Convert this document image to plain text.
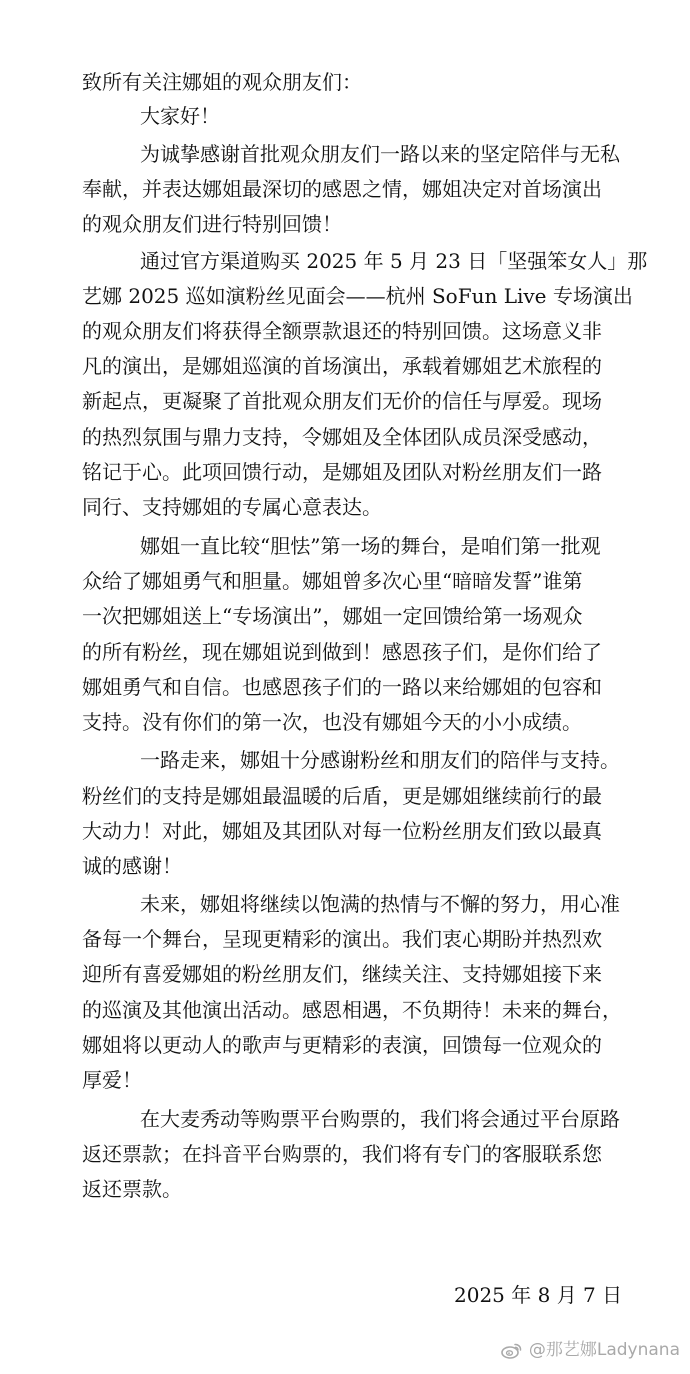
致所有关注娜姐的观众朋友们：
大家好！
为诚挚感谢首批观众朋友们一路以来的坚定陪伴与无私
奉献，并表达娜姐最深切的感恩之情，娜姐决定对首场演出
的观众朋友们进行特别回馈！
通过官方渠道购买 2025 年 5 月 23 日「坚强笨女人」那
艺娜 2025 巡如演粉丝见面会——杭州 SoFun Live 专场演出
的观众朋友们将获得全额票款退还的特别回馈。这场意义非
凡的演出，是娜姐巡演的首场演出，承载着娜姐艺术旅程的
新起点，更凝聚了首批观众朋友们无价的信任与厚爱。现场
的热烈氛围与鼎力支持，令娜姐及全体团队成员深受感动，
铭记于心。此项回馈行动，是娜姐及团队对粉丝朋友们一路
同行、支持娜姐的专属心意表达。
娜姐一直比较“胆怯”第一场的舞台，是咱们第一批观
众给了娜姐勇气和胆量。娜姐曾多次心里“暗暗发誓”谁第
一次把娜姐送上“专场演出”，娜姐一定回馈给第一场观众
的所有粉丝，现在娜姐说到做到！感恩孩子们，是你们给了
娜姐勇气和自信。也感恩孩子们的一路以来给娜姐的包容和
支持。没有你们的第一次，也没有娜姐今天的小小成绩。
一路走来，娜姐十分感谢粉丝和朋友们的陪伴与支持。
粉丝们的支持是娜姐最温暖的后盾，更是娜姐继续前行的最
大动力！对此，娜姐及其团队对每一位粉丝朋友们致以最真
诚的感谢！
未来，娜姐将继续以饱满的热情与不懈的努力，用心准
备每一个舞台，呈现更精彩的演出。我们衷心期盼并热烈欢
迎所有喜爱娜姐的粉丝朋友们，继续关注、支持娜姐接下来
的巡演及其他演出活动。感恩相遇，不负期待！未来的舞台，
娜姐将以更动人的歌声与更精彩的表演，回馈每一位观众的
厚爱！
在大麦秀动等购票平台购票的，我们将会通过平台原路
返还票款；在抖音平台购票的，我们将有专门的客服联系您
返还票款。
2025 年 8 月 7 日
@那艺娜Ladynana
